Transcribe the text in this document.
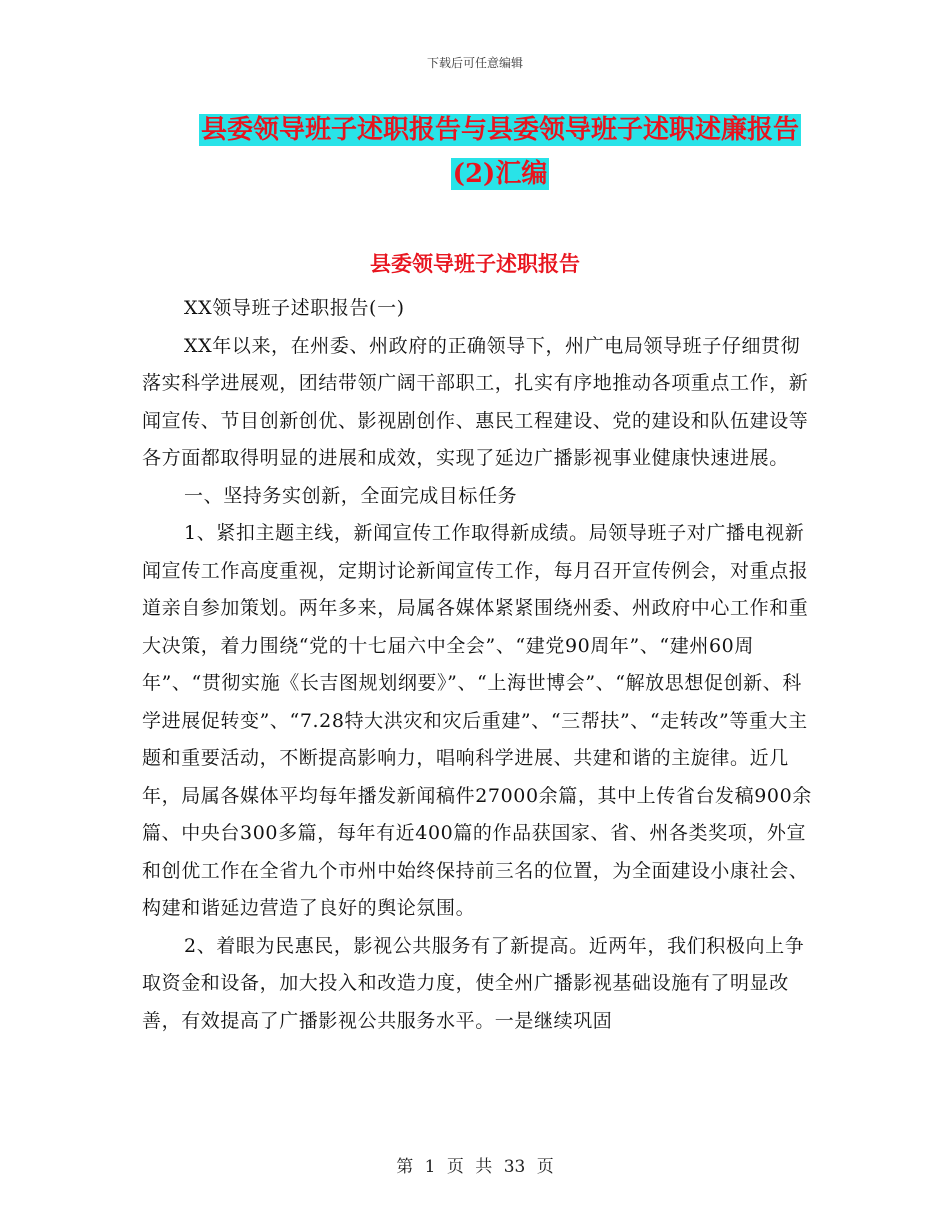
下载后可任意编辑
县委领导班子述职报告与县委领导班子述职述廉报告
(2)汇编
县委领导班子述职报告

XX领导班子述职报告(一)

XX年以来，在州委、州政府的正确领导下，州广电局领导班子仔细贯彻落实科学进展观，团结带领广阔干部职工，扎实有序地推动各项重点工作，新闻宣传、节目创新创优、影视剧创作、惠民工程建设、党的建设和队伍建设等各方面都取得明显的进展和成效，实现了延边广播影视事业健康快速进展。

一、坚持务实创新，全面完成目标任务

1、紧扣主题主线，新闻宣传工作取得新成绩。局领导班子对广播电视新闻宣传工作高度重视，定期讨论新闻宣传工作，每月召开宣传例会，对重点报道亲自参加策划。两年多来，局属各媒体紧紧围绕州委、州政府中心工作和重大决策，着力围绕“党的十七届六中全会”、“建党90周年”、“建州60周年”、“贯彻实施《长吉图规划纲要》”、“上海世博会”、“解放思想促创新、科学进展促转变”、“7.28特大洪灾和灾后重建”、“三帮扶”、“走转改”等重大主题和重要活动，不断提高影响力，唱响科学进展、共建和谐的主旋律。近几年，局属各媒体平均每年播发新闻稿件27000余篇，其中上传省台发稿900余篇、中央台300多篇，每年有近400篇的作品获国家、省、州各类奖项，外宣和创优工作在全省九个市州中始终保持前三名的位置，为全面建设小康社会、构建和谐延边营造了良好的舆论氛围。

2、着眼为民惠民，影视公共服务有了新提高。近两年，我们积极向上争取资金和设备，加大投入和改造力度，使全州广播影视基础设施有了明显改善，有效提高了广播影视公共服务水平。一是继续巩固

第 1 页 共 33 页
